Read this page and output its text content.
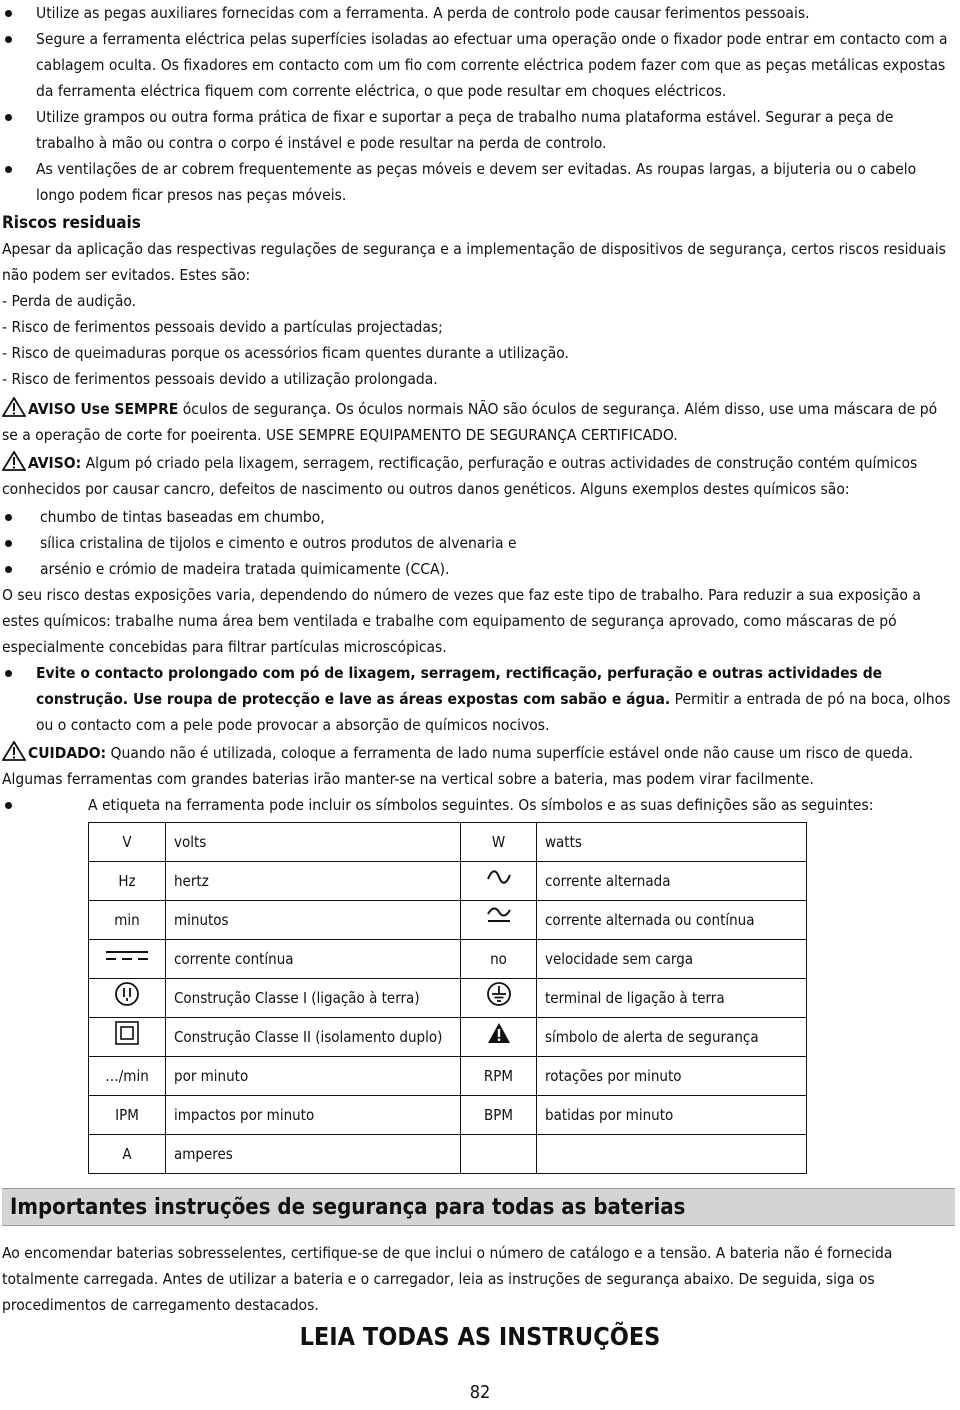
Utilize as pegas auxiliares fornecidas com a ferramenta. A perda de controlo pode causar ferimentos pessoais.

Segure a ferramenta eléctrica pelas superfícies isoladas ao efectuar uma operação onde o fixador pode entrar em contacto com a cablagem oculta. Os fixadores em contacto com um fio com corrente eléctrica podem fazer com que as peças metálicas expostas da ferramenta eléctrica fiquem com corrente eléctrica, o que pode resultar em choques eléctricos.

Utilize grampos ou outra forma prática de fixar e suportar a peça de trabalho numa plataforma estável. Segurar a peça de trabalho à mão ou contra o corpo é instável e pode resultar na perda de controlo.

As ventilações de ar cobrem frequentemente as peças móveis e devem ser evitadas. As roupas largas, a bijuteria ou o cabelo longo podem ficar presos nas peças móveis.

Riscos residuais

Apesar da aplicação das respectivas regulações de segurança e a implementação de dispositivos de segurança, certos riscos residuais não podem ser evitados. Estes são:

- Perda de audição.

- Risco de ferimentos pessoais devido a partículas projectadas;

- Risco de queimaduras porque os acessórios ficam quentes durante a utilização.

- Risco de ferimentos pessoais devido a utilização prolongada.

AVISO Use SEMPRE óculos de segurança. Os óculos normais NÃO são óculos de segurança. Além disso, use uma máscara de pó se a operação de corte for poeirenta. USE SEMPRE EQUIPAMENTO DE SEGURANÇA CERTIFICADO.

AVISO: Algum pó criado pela lixagem, serragem, rectificação, perfuração e outras actividades de construção contém químicos conhecidos por causar cancro, defeitos de nascimento ou outros danos genéticos. Alguns exemplos destes químicos são:

chumbo de tintas baseadas em chumbo,

sílica cristalina de tijolos e cimento e outros produtos de alvenaria e

arsénio e crómio de madeira tratada quimicamente (CCA).

O seu risco destas exposições varia, dependendo do número de vezes que faz este tipo de trabalho. Para reduzir a sua exposição a estes químicos: trabalhe numa área bem ventilada e trabalhe com equipamento de segurança aprovado, como máscaras de pó especialmente concebidas para filtrar partículas microscópicas.

Evite o contacto prolongado com pó de lixagem, serragem, rectificação, perfuração e outras actividades de construção. Use roupa de protecção e lave as áreas expostas com sabão e água. Permitir a entrada de pó na boca, olhos ou o contacto com a pele pode provocar a absorção de químicos nocivos.

CUIDADO: Quando não é utilizada, coloque a ferramenta de lado numa superfície estável onde não cause um risco de queda. Algumas ferramentas com grandes baterias irão manter-se na vertical sobre a bateria, mas podem virar facilmente.

A etiqueta na ferramenta pode incluir os símbolos seguintes. Os símbolos e as suas definições são as seguintes:

V	volts	W	watts
Hz	hertz		corrente alternada
min	minutos		corrente alternada ou contínua
	corrente contínua	no	velocidade sem carga
	Construção Classe I (ligação à terra)		terminal de ligação à terra
	Construção Classe II (isolamento duplo)		símbolo de alerta de segurança
…/min	por minuto	RPM	rotações por minuto
IPM	impactos por minuto	BPM	batidas por minuto
A	amperes		
Importantes instruções de segurança para todas as baterias

Ao encomendar baterias sobresselentes, certifique-se de que inclui o número de catálogo e a tensão. A bateria não é fornecida totalmente carregada. Antes de utilizar a bateria e o carregador, leia as instruções de segurança abaixo. De seguida, siga os procedimentos de carregamento destacados.

LEIA TODAS AS INSTRUÇÕES
82
